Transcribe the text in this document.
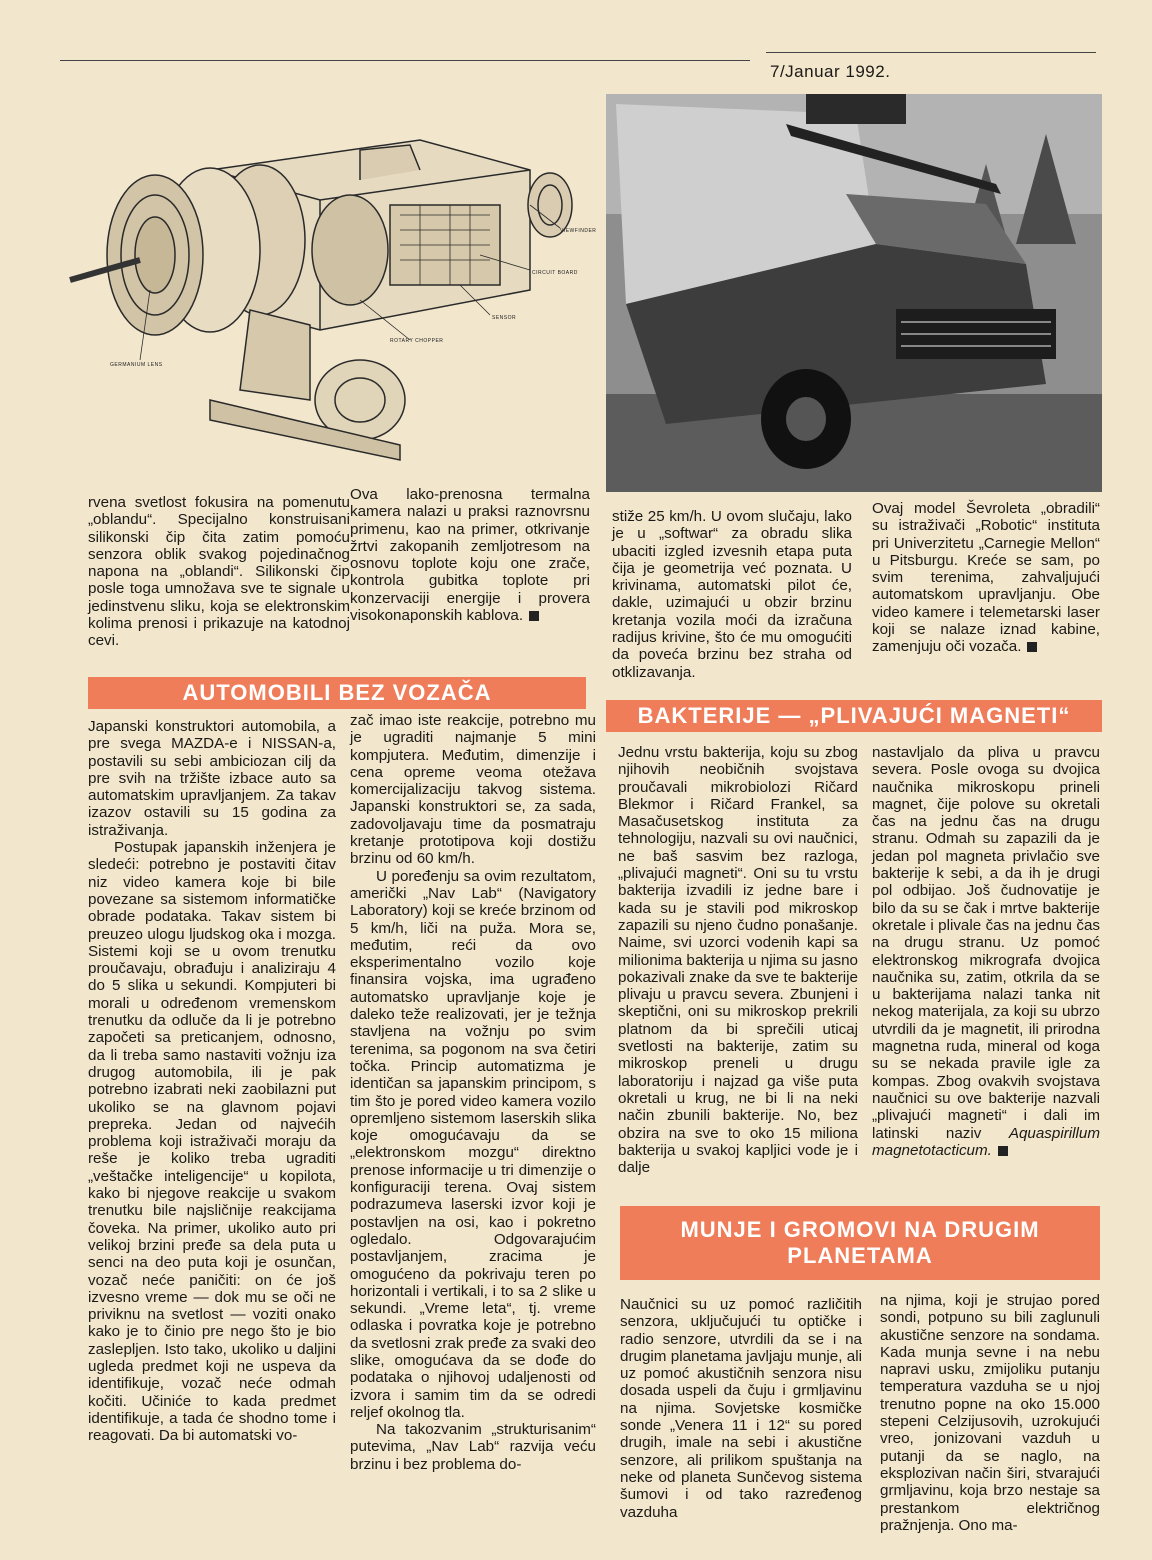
7/Januar 1992.
VIEWFINDER
CIRCUIT BOARD
SENSOR
ROTARY CHOPPER
GERMANIUM LENS

rvena svetlost fokusira na pomenutu „oblandu“. Specijalno konstruisani silikonski čip čita zatim pomoću senzora oblik svakog pojedinačnog napona na „oblandi“. Silikonski čip posle toga umnožava sve te signale u jedinstvenu sliku, koja se elektronskim kolima prenosi i prikazuje na katodnoj cevi.

Ova lako-prenosna termalna kamera nalazi u praksi raznovrsnu primenu, kao na primer, otkrivanje žrtvi zakopanih zemljotresom na osnovu toplote koju one zrače, kontrola gubitka toplote pri konzervaciji energije i provera visokonaponskih kablova.

AUTOMOBILI BEZ VOZAČA

Japanski konstruktori automobila, a pre svega MAZDA-e i NISSAN-a, postavili su sebi ambiciozan cilj da pre svih na tržište izbace auto sa automatskim upravljanjem. Za takav izazov ostavili su 15 godina za istraživanja.

Postupak japanskih inženjera je sledeći: potrebno je postaviti čitav niz video kamera koje bi bile povezane sa sistemom informatičke obrade podataka. Takav sistem bi preuzeo ulogu ljudskog oka i mozga. Sistemi koji se u ovom trenutku proučavaju, obrađuju i analiziraju 4 do 5 slika u sekundi. Kompjuteri bi morali u određenom vremenskom trenutku da odluče da li je potrebno započeti sa preticanjem, odnosno, da li treba samo nastaviti vožnju iza drugog automobila, ili je pak potrebno izabrati neki zaobilazni put ukoliko se na glavnom pojavi prepreka. Jedan od najvećih problema koji istraživači moraju da reše je koliko treba ugraditi „veštačke inteligencije“ u kopilota, kako bi njegove reakcije u svakom trenutku bile najsličnije reakcijama čoveka. Na primer, ukoliko auto pri velikoj brzini pređe sa dela puta u senci na deo puta koji je osunčan, vozač neće paničiti: on će još izvesno vreme — dok mu se oči ne priviknu na svetlost — voziti onako kako je to činio pre nego što je bio zaslepljen. Isto tako, ukoliko u daljini ugleda predmet koji ne uspeva da identifikuje, vozač neće odmah kočiti. Učiniće to kada predmet identifikuje, a tada će shodno tome i reagovati. Da bi automatski vo-

zač imao iste reakcije, potrebno mu je ugraditi najmanje 5 mini kompjutera. Međutim, dimenzije i cena opreme veoma otežava komercijalizaciju takvog sistema. Japanski konstruktori se, za sada, zadovoljavaju time da posmatraju kretanje prototipova koji dostižu brzinu od 60 km/h.

U poređenju sa ovim rezultatom, američki „Nav Lab“ (Navigatory Laboratory) koji se kreće brzinom od 5 km/h, liči na puža. Mora se, međutim, reći da ovo eksperimentalno vozilo koje finansira vojska, ima ugrađeno automatsko upravljanje koje je daleko teže realizovati, jer je težnja stavljena na vožnju po svim terenima, sa pogonom na sva četiri točka. Princip automatizma je identičan sa japanskim principom, s tim što je pored video kamera vozilo opremljeno sistemom laserskih slika koje omogućavaju da se „elektronskom mozgu“ direktno prenose informacije u tri dimenzije o konfiguraciji terena. Ovaj sistem podrazumeva laserski izvor koji je postavljen na osi, kao i pokretno ogledalo. Odgovarajućim postavljanjem, zracima je omogućeno da pokrivaju teren po horizontali i vertikali, i to sa 2 slike u sekundi. „Vreme leta“, tj. vreme odlaska i povratka koje je potrebno da svetlosni zrak pređe za svaki deo slike, omogućava da se dođe do podataka o njihovoj udaljenosti od izvora i samim tim da se odredi reljef okolnog tla.

Na takozvanim „strukturisanim“ putevima, „Nav Lab“ razvija veću brzinu i bez problema do-

stiže 25 km/h. U ovom slučaju, lako je u „softwar“ za obradu slika ubaciti izgled izvesnih etapa puta čija je geometrija već poznata. U krivinama, automatski pilot će, dakle, uzimajući u obzir brzinu kretanja vozila moći da izračuna radijus krivine, što će mu omogućiti da poveća brzinu bez straha od otklizavanja.

Ovaj model Ševroleta „obradili“ su istraživači „Robotic“ instituta pri Univerzitetu „Carnegie Mellon“ u Pitsburgu. Kreće se sam, po svim terenima, zahvaljujući automatskom upravljanju. Obe video kamere i telemetarski laser koji se nalaze iznad kabine, zamenjuju oči vozača.

BAKTERIJE — „PLIVAJUĆI MAGNETI“

Jednu vrstu bakterija, koju su zbog njihovih neobičnih svojstava proučavali mikrobiolozi Ričard Blekmor i Ričard Frankel, sa Masačusetskog instituta za tehnologiju, nazvali su ovi naučnici, ne baš sasvim bez razloga, „plivajući magneti“. Oni su tu vrstu bakterija izvadili iz jedne bare i kada su je stavili pod mikroskop zapazili su njeno čudno ponašanje. Naime, svi uzorci vodenih kapi sa milionima bakterija u njima su jasno pokazivali znake da sve te bakterije plivaju u pravcu severa. Zbunjeni i skeptični, oni su mikroskop prekrili platnom da bi sprečili uticaj svetlosti na bakterije, zatim su mikroskop preneli u drugu laboratoriju i najzad ga više puta okretali u krug, ne bi li na neki način zbunili bakterije. No, bez obzira na sve to oko 15 miliona bakterija u svakoj kapljici vode je i dalje

nastavljalo da pliva u pravcu severa. Posle ovoga su dvojica naučnika mikroskopu prineli magnet, čije polove su okretali čas na jednu čas na drugu stranu. Odmah su zapazili da je jedan pol magneta privlačio sve bakterije k sebi, a da ih je drugi pol odbijao. Još čudnovatije je bilo da su se čak i mrtve bakterije okretale i plivale čas na jednu čas na drugu stranu. Uz pomoć elektronskog mikrografa dvojica naučnika su, zatim, otkrila da se u bakterijama nalazi tanka nit nekog materijala, za koji su ubrzo utvrdili da je magnetit, ili prirodna magnetna ruda, mineral od koga su se nekada pravile igle za kompas. Zbog ovakvih svojstava naučnici su ove bakterije nazvali „plivajući magneti“ i dali im latinski naziv Aquaspirillum magnetotacticum.

MUNJE I GROMOVI NA DRUGIM
PLANETAMA

Naučnici su uz pomoć različitih senzora, uključujući tu optičke i radio senzore, utvrdili da se i na drugim planetama javljaju munje, ali uz pomoć akustičnih senzora nisu dosada uspeli da čuju i grmljavinu na njima. Sovjetske kosmičke sonde „Venera 11 i 12“ su pored drugih, imale na sebi i akustične senzore, ali prilikom spuštanja na neke od planeta Sunčevog sistema šumovi i od tako razređenog vazduha

na njima, koji je strujao pored sondi, potpuno su bili zaglunuli akustične senzore na sondama. Kada munja sevne i na nebu napravi usku, zmijoliku putanju temperatura vazduha se u njoj trenutno popne na oko 15.000 stepeni Celzijusovih, uzrokujući vreo, jonizovani vazduh u putanji da se naglo, na eksplozivan način širi, stvarajući grmljavinu, koja brzo nestaje sa prestankom električnog pražnjenja. Ono ma-
